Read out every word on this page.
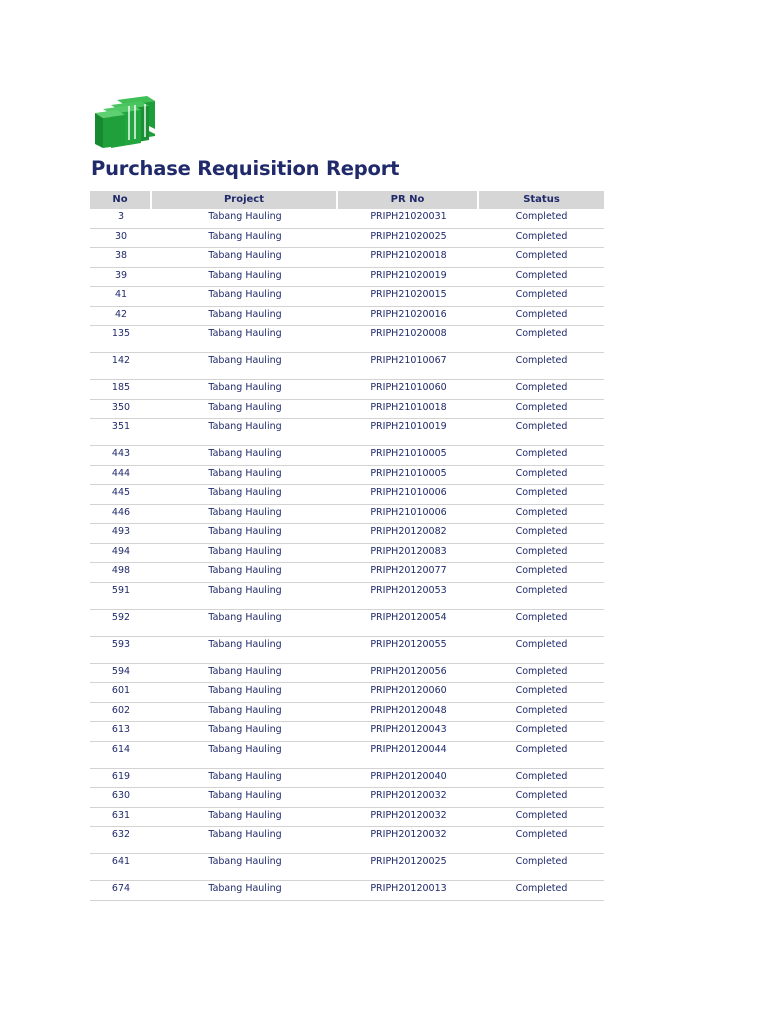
Purchase Requisition Report
No	Project	PR No	Status
3	Tabang Hauling	PRIPH21020031	Completed
30	Tabang Hauling	PRIPH21020025	Completed
38	Tabang Hauling	PRIPH21020018	Completed
39	Tabang Hauling	PRIPH21020019	Completed
41	Tabang Hauling	PRIPH21020015	Completed
42	Tabang Hauling	PRIPH21020016	Completed
135	Tabang Hauling	PRIPH21020008	Completed
142	Tabang Hauling	PRIPH21010067	Completed
185	Tabang Hauling	PRIPH21010060	Completed
350	Tabang Hauling	PRIPH21010018	Completed
351	Tabang Hauling	PRIPH21010019	Completed
443	Tabang Hauling	PRIPH21010005	Completed
444	Tabang Hauling	PRIPH21010005	Completed
445	Tabang Hauling	PRIPH21010006	Completed
446	Tabang Hauling	PRIPH21010006	Completed
493	Tabang Hauling	PRIPH20120082	Completed
494	Tabang Hauling	PRIPH20120083	Completed
498	Tabang Hauling	PRIPH20120077	Completed
591	Tabang Hauling	PRIPH20120053	Completed
592	Tabang Hauling	PRIPH20120054	Completed
593	Tabang Hauling	PRIPH20120055	Completed
594	Tabang Hauling	PRIPH20120056	Completed
601	Tabang Hauling	PRIPH20120060	Completed
602	Tabang Hauling	PRIPH20120048	Completed
613	Tabang Hauling	PRIPH20120043	Completed
614	Tabang Hauling	PRIPH20120044	Completed
619	Tabang Hauling	PRIPH20120040	Completed
630	Tabang Hauling	PRIPH20120032	Completed
631	Tabang Hauling	PRIPH20120032	Completed
632	Tabang Hauling	PRIPH20120032	Completed
641	Tabang Hauling	PRIPH20120025	Completed
674	Tabang Hauling	PRIPH20120013	Completed
